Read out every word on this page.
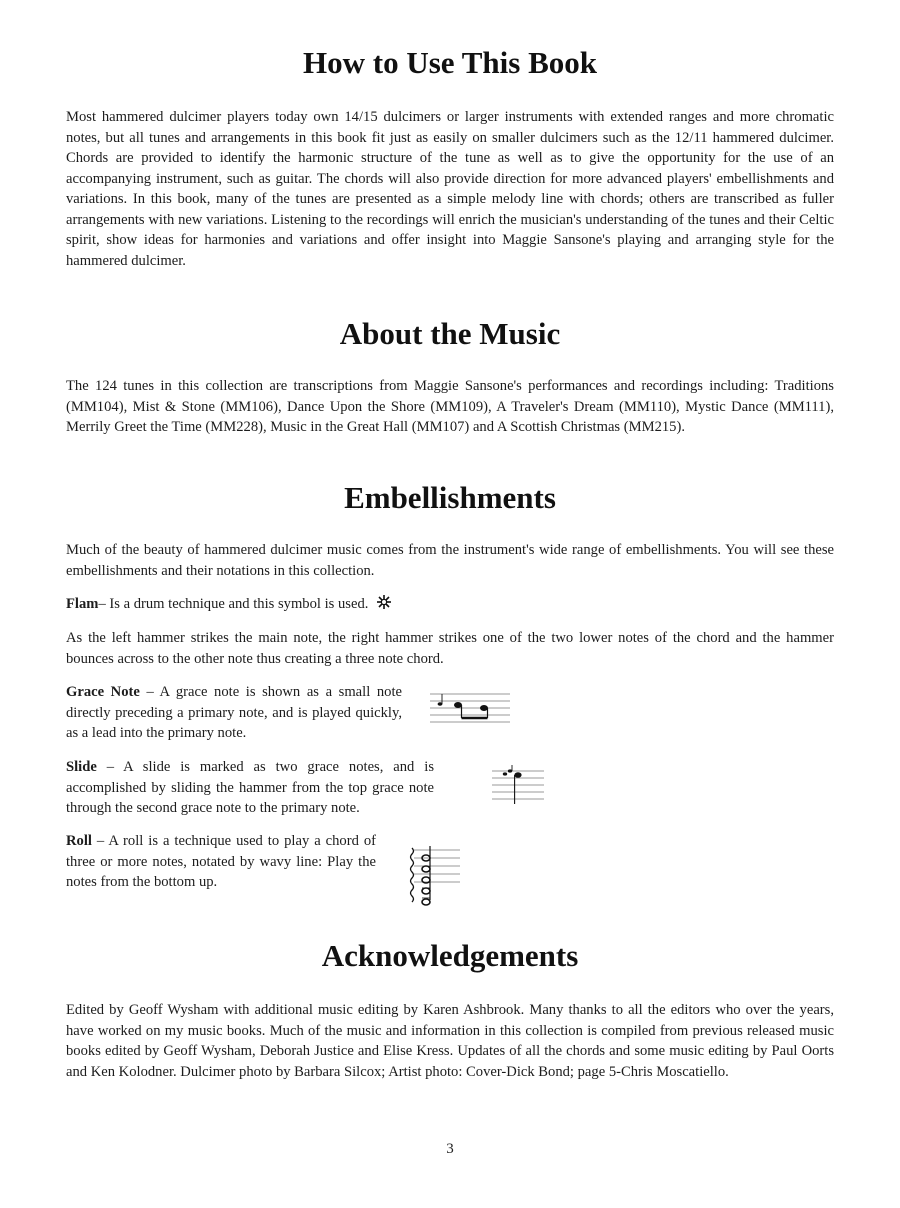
How to Use This Book

Most hammered dulcimer players today own 14/15 dulcimers or larger instruments with extended ranges and more chromatic notes, but all tunes and arrangements in this book fit just as easily on smaller dulcimers such as the 12/11 hammered dulcimer. Chords are provided to identify the harmonic structure of the tune as well as to give the opportunity for the use of an accompanying instrument, such as guitar. The chords will also provide direction for more advanced players' embellishments and variations. In this book, many of the tunes are presented as a simple melody line with chords; others are transcribed as fuller arrangements with new variations. Listening to the recordings will enrich the musician's understanding of the tunes and their Celtic spirit, show ideas for harmonies and variations and offer insight into Maggie Sansone's playing and arranging style for the hammered dulcimer.

About the Music

The 124 tunes in this collection are transcriptions from Maggie Sansone's performances and recordings including: Traditions (MM104), Mist & Stone (MM106), Dance Upon the Shore (MM109), A Traveler's Dream (MM110), Mystic Dance (MM111), Merrily Greet the Time (MM228), Music in the Great Hall (MM107) and A Scottish Christmas (MM215).

Embellishments

Much of the beauty of hammered dulcimer music comes from the instrument's wide range of embellishments. You will see these embellishments and their notations in this collection.

Flam– Is a drum technique and this symbol is used.

As the left hammer strikes the main note, the right hammer strikes one of the two lower notes of the chord and the hammer bounces across to the other note thus creating a three note chord.

Grace Note – A grace note is shown as a small note directly preceding a primary note, and is played quickly, as a lead into the primary note.

Slide – A slide is marked as two grace notes, and is accomplished by sliding the hammer from the top grace note through the second grace note to the primary note.

Roll – A roll is a technique used to play a chord of three or more notes, notated by wavy line: Play the notes from the bottom up.

Acknowledgements

Edited by Geoff Wysham with additional music editing by Karen Ashbrook. Many thanks to all the editors who over the years, have worked on my music books. Much of the music and information in this collection is compiled from previous released music books edited by Geoff Wysham, Deborah Justice and Elise Kress. Updates of all the chords and some music editing by Paul Oorts and Ken Kolodner. Dulcimer photo by Barbara Silcox; Artist photo: Cover-Dick Bond; page 5-Chris Moscatiello.

3
